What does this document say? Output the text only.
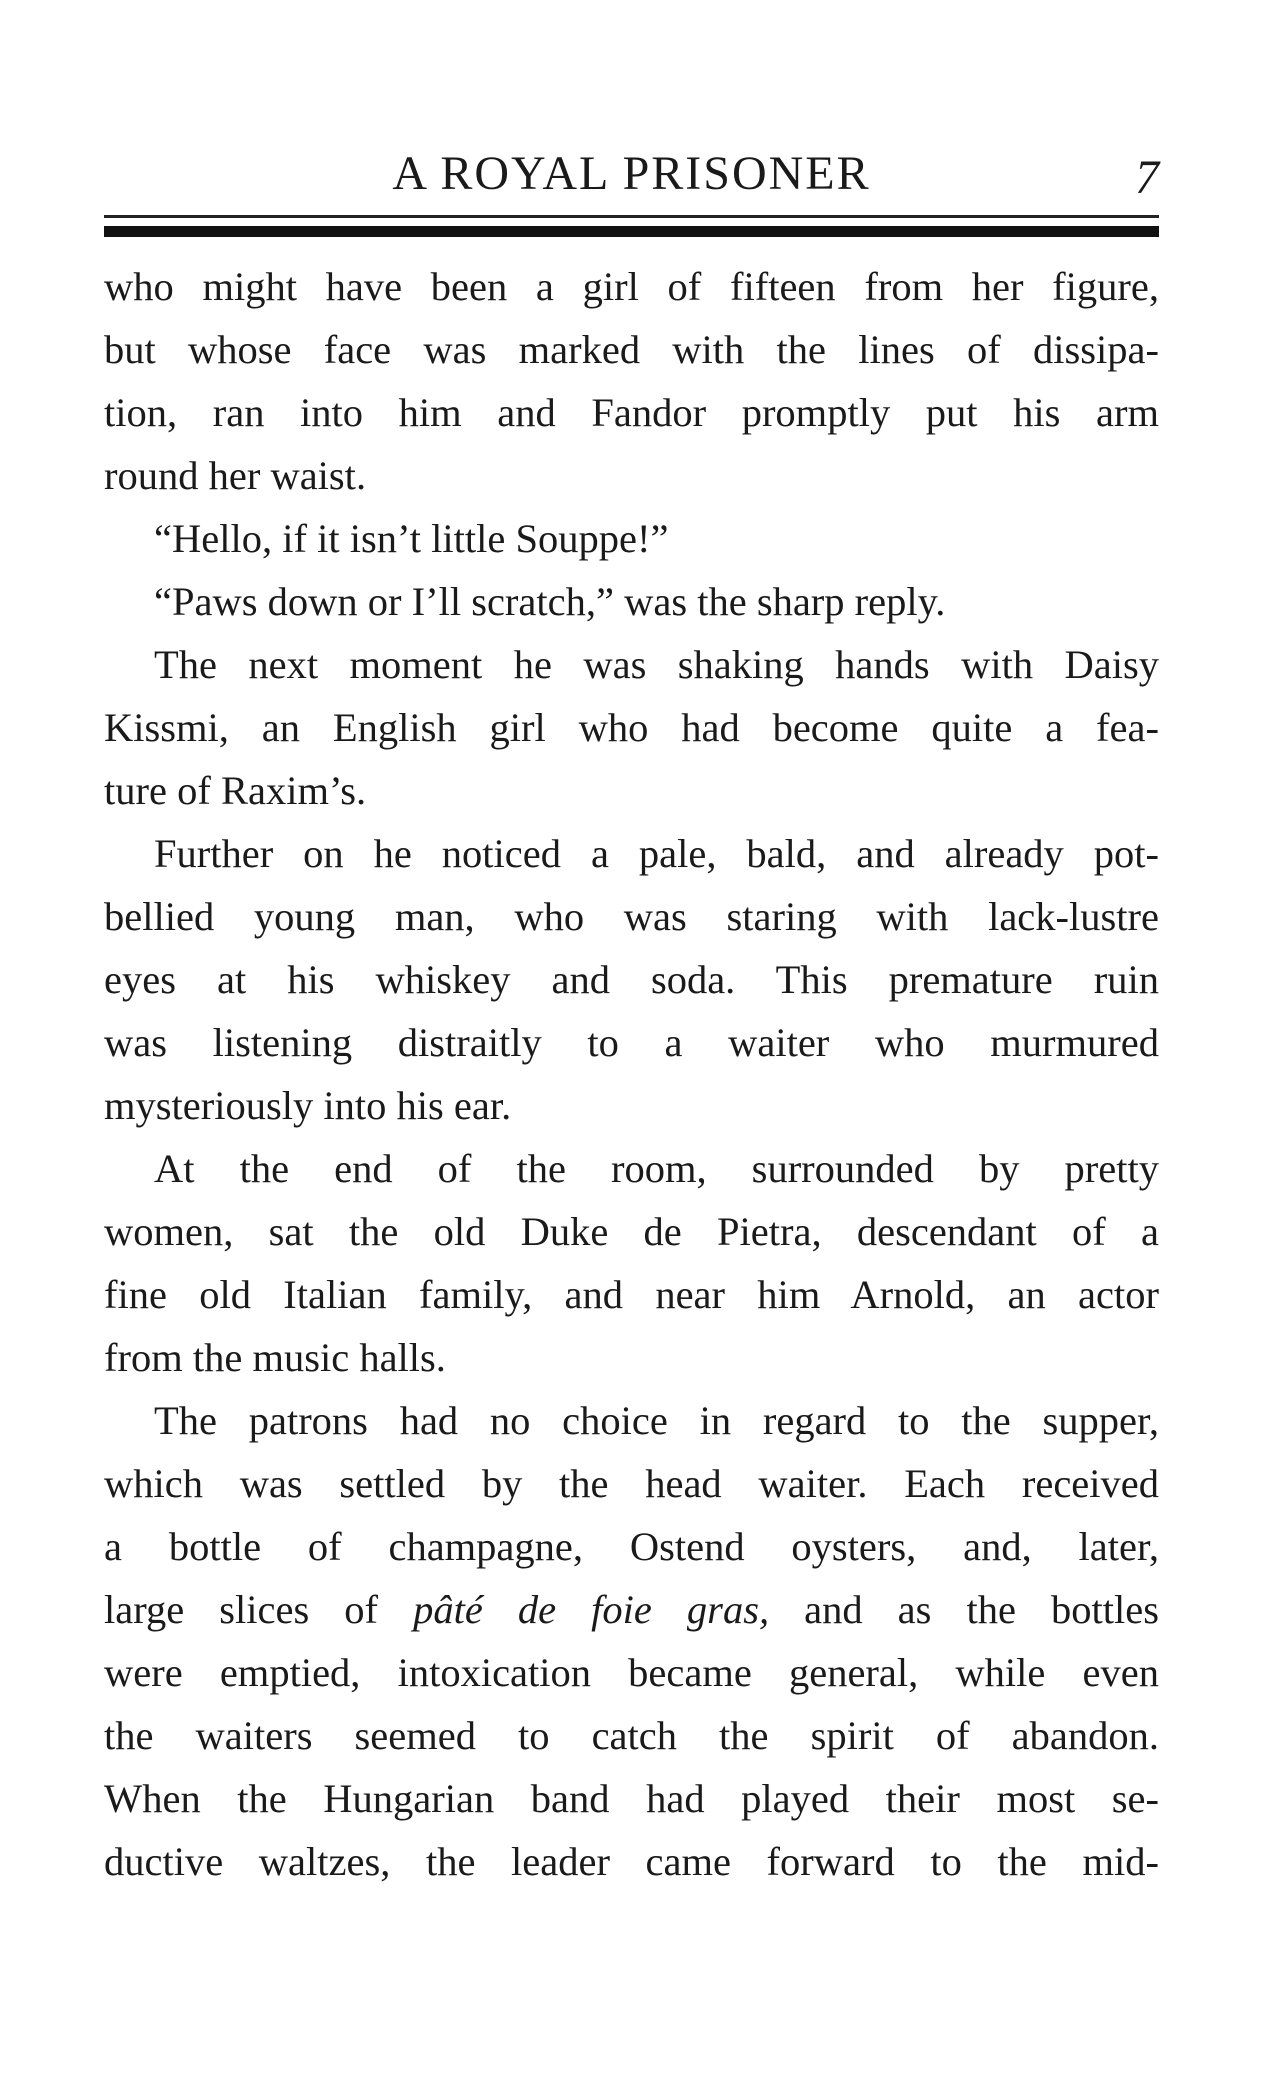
A ROYAL PRISONER	7
who might have been a girl of fifteen from her figure,
but whose face was marked with the lines of dissipa-
tion, ran into him and Fandor promptly put his arm
round her waist.
“Hello, if it isn’t little Souppe!”
“Paws down or I’ll scratch,” was the sharp reply.
The next moment he was shaking hands with Daisy
Kissmi, an English girl who had become quite a fea-
ture of Raxim’s.
Further on he noticed a pale, bald, and already pot-
bellied young man, who was staring with lack-lustre
eyes at his whiskey and soda. This premature ruin
was listening distraitly to a waiter who murmured
mysteriously into his ear.
At the end of the room, surrounded by pretty
women, sat the old Duke de Pietra, descendant of a
fine old Italian family, and near him Arnold, an actor
from the music halls.
The patrons had no choice in regard to the supper,
which was settled by the head waiter. Each received
a bottle of champagne, Ostend oysters, and, later,
large slices of pâté de foie gras, and as the bottles
were emptied, intoxication became general, while even
the waiters seemed to catch the spirit of abandon.
When the Hungarian band had played their most se-
ductive waltzes, the leader came forward to the mid-
